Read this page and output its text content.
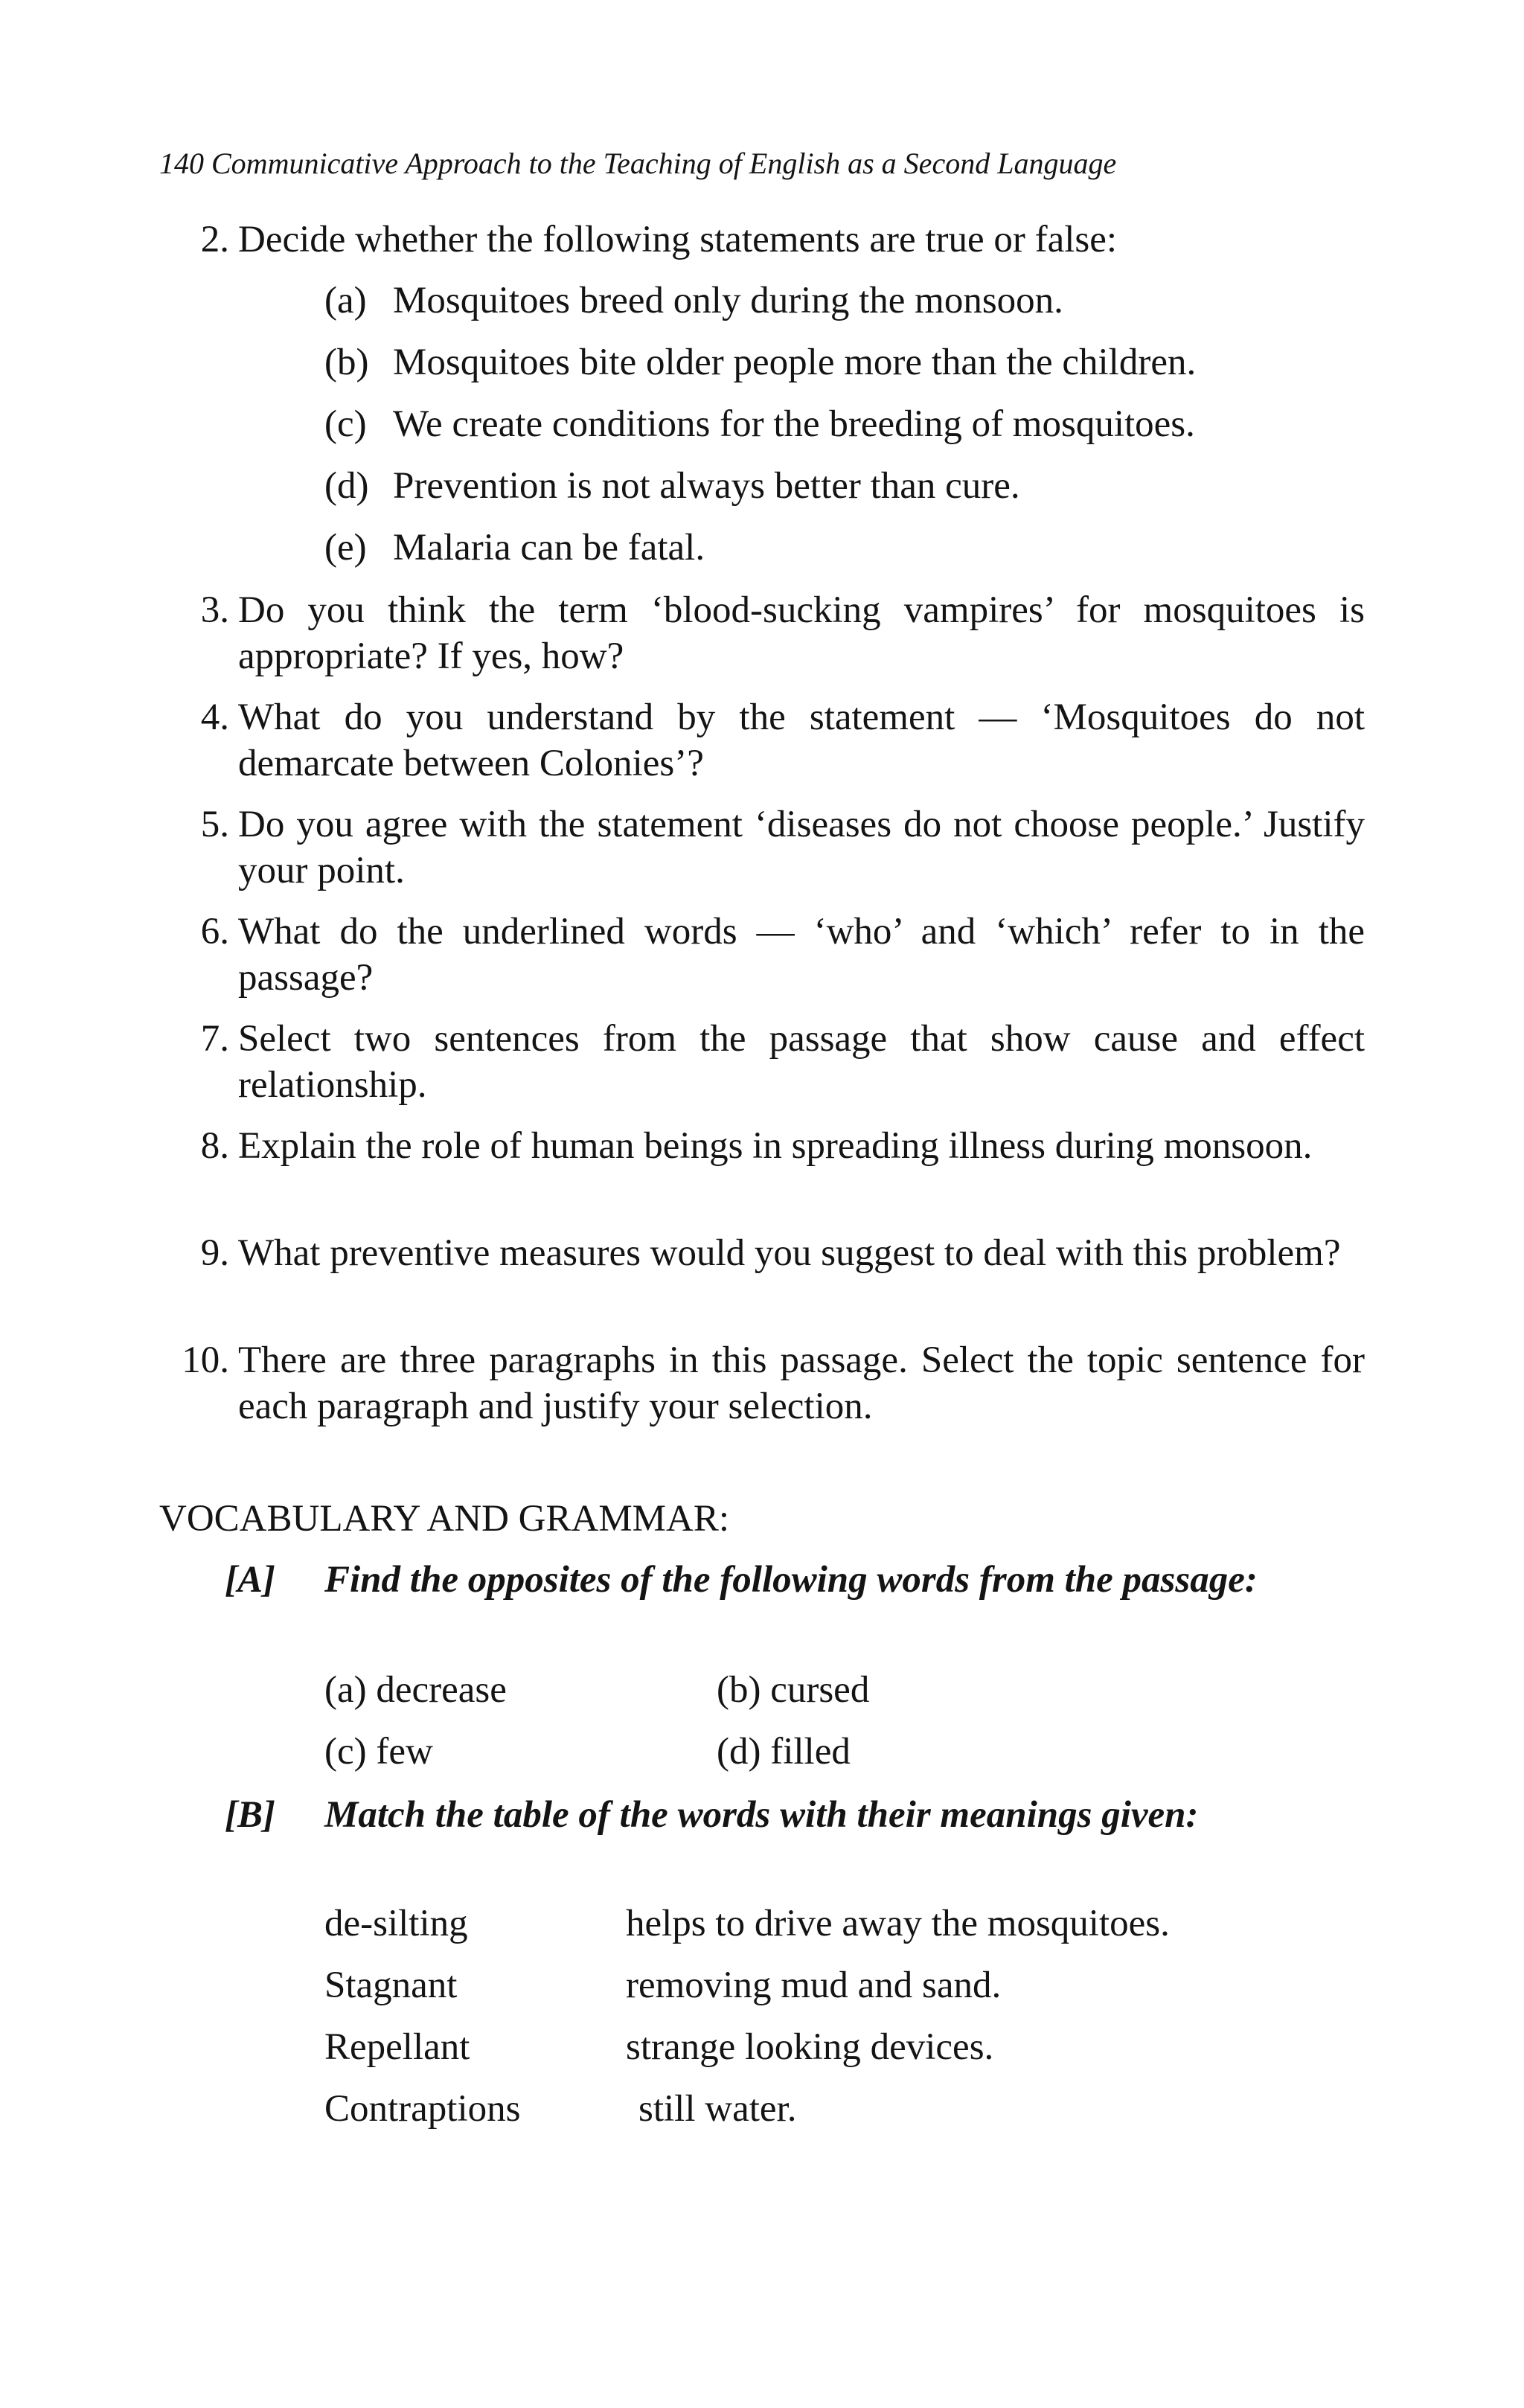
140 Communicative Approach to the Teaching of English as a Second Language
2. Decide whether the following statements are true or false:
(a) Mosquitoes breed only during the monsoon.
(b) Mosquitoes bite older people more than the children.
(c) We create conditions for the breeding of mosquitoes.
(d) Prevention is not always better than cure.
(e) Malaria can be fatal.
3. Do you think the term ‘blood-sucking vampires’ for mosquitoes is appropriate? If yes, how?
4. What do you understand by the statement — ‘Mosquitoes do not demarcate between Colonies’?
5. Do you agree with the statement ‘diseases do not choose people.’ Justify your point.
6. What do the underlined words — ‘who’ and ‘which’ refer to in the passage?
7. Select two sentences from the passage that show cause and effect relationship.
8. Explain the role of human beings in spreading illness during monsoon.
9. What preventive measures would you suggest to deal with this problem?
10. There are three paragraphs in this passage. Select the topic sentence for each paragraph and justify your selection.
VOCABULARY AND GRAMMAR:
[A] Find the opposites of the following words from the passage:
(a) decrease	(b) cursed
(c) few	(d) filled
[B] Match the table of the words with their meanings given:
de-silting	helps to drive away the mosquitoes.
Stagnant	removing mud and sand.
Repellant	strange looking devices.
Contraptions	still water.
